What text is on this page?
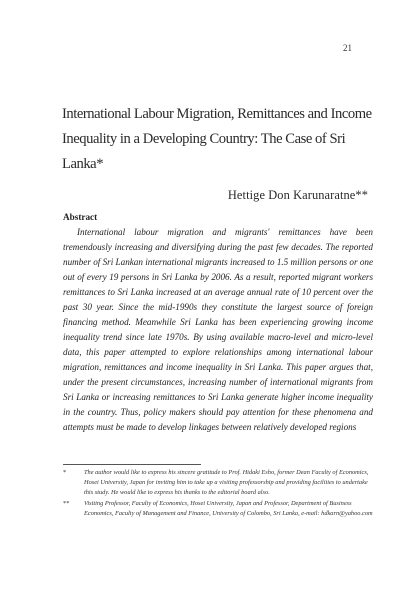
21
International Labour Migration, Remittances and Income Inequality in a Developing Country: The Case of Sri Lanka*
Hettige Don Karunaratne**
Abstract

International labour migration and migrants' remittances have been tremendously increasing and diversifying during the past few decades. The reported number of Sri Lankan international migrants increased to 1.5 million persons or one out of every 19 persons in Sri Lanka by 2006. As a result, reported migrant workers remittances to Sri Lanka increased at an average annual rate of 10 percent over the past 30 year. Since the mid-1990s they constitute the largest source of foreign financing method. Meanwhile Sri Lanka has been experiencing growing income inequality trend since late 1970s. By using available macro-level and micro-level data, this paper attempted to explore relationships among international labour migration, remittances and income inequality in Sri Lanka. This paper argues that, under the present circumstances, increasing number of international migrants from Sri Lanka or increasing remittances to Sri Lanka generate higher income inequality in the country. Thus, policy makers should pay attention for these phenomena and attempts must be made to develop linkages between relatively developed regions

*	The author would like to express his sincere gratitude to Prof. Hidaki Esho, former Dean Faculty of Economics, Hosei University, Japan for inviting him to take up a visiting professorship and providing facilities to undertake this study. He would like to express his thanks to the editorial board also.
** Visiting Professor, Faculty of Economics, Hosei University, Japan and Professor, Department of Business Economics, Faculty of Management and Finance, University of Colombo, Sri Lanka, e-mail: hdkarn@yahoo.com
